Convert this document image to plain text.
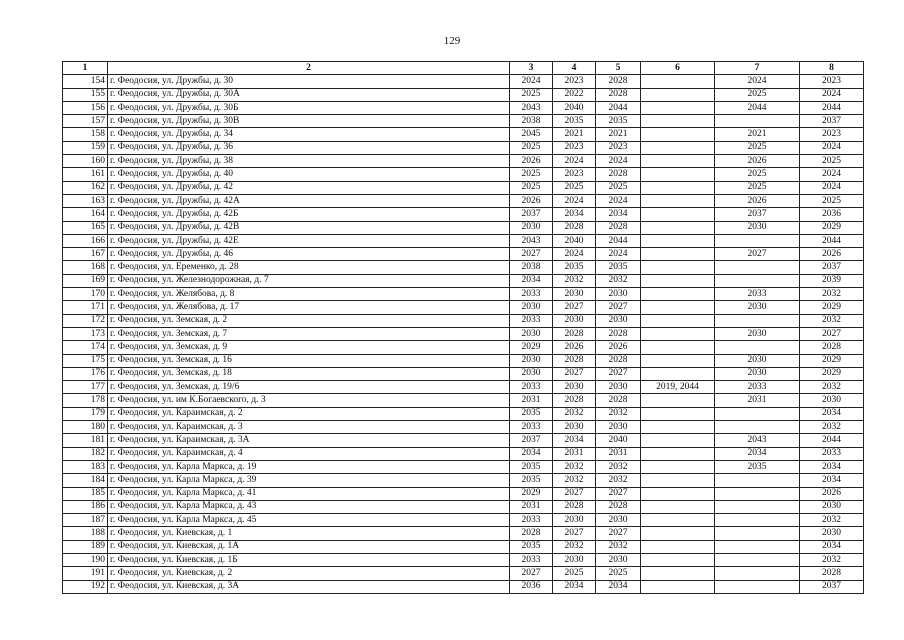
129
1	2	3	4	5	6	7	8
154	г. Феодосия, ул. Дружбы, д. 30	2024	2023	2028		2024	2023
155	г. Феодосия, ул. Дружбы, д. 30А	2025	2022	2028		2025	2024
156	г. Феодосия, ул. Дружбы, д. 30Б	2043	2040	2044		2044	2044
157	г. Феодосия, ул. Дружбы, д. 30В	2038	2035	2035			2037
158	г. Феодосия, ул. Дружбы, д. 34	2045	2021	2021		2021	2023
159	г. Феодосия, ул. Дружбы, д. 36	2025	2023	2023		2025	2024
160	г. Феодосия, ул. Дружбы, д. 38	2026	2024	2024		2026	2025
161	г. Феодосия, ул. Дружбы, д. 40	2025	2023	2028		2025	2024
162	г. Феодосия, ул. Дружбы, д. 42	2025	2025	2025		2025	2024
163	г. Феодосия, ул. Дружбы, д. 42А	2026	2024	2024		2026	2025
164	г. Феодосия, ул. Дружбы, д. 42Б	2037	2034	2034		2037	2036
165	г. Феодосия, ул. Дружбы, д. 42В	2030	2028	2028		2030	2029
166	г. Феодосия, ул. Дружбы, д. 42Е	2043	2040	2044			2044
167	г. Феодосия, ул. Дружбы, д. 46	2027	2024	2024		2027	2026
168	г. Феодосия, ул. Еременко, д. 28	2038	2035	2035			2037
169	г. Феодосия, ул. Железнодорожная, д. 7	2034	2032	2032			2039
170	г. Феодосия, ул. Желябова, д. 8	2033	2030	2030		2033	2032
171	г. Феодосия, ул. Желябова, д. 17	2030	2027	2027		2030	2029
172	г. Феодосия, ул. Земская, д. 2	2033	2030	2030			2032
173	г. Феодосия, ул. Земская, д. 7	2030	2028	2028		2030	2027
174	г. Феодосия, ул. Земская, д. 9	2029	2026	2026			2028
175	г. Феодосия, ул. Земская, д. 16	2030	2028	2028		2030	2029
176	г. Феодосия, ул. Земская, д. 18	2030	2027	2027		2030	2029
177	г. Феодосия, ул. Земская, д. 19/6	2033	2030	2030	2019, 2044	2033	2032
178	г. Феодосия, ул. им К.Богаевского, д. 3	2031	2028	2028		2031	2030
179	г. Феодосия, ул. Караимская, д. 2	2035	2032	2032			2034
180	г. Феодосия, ул. Караимская, д. 3	2033	2030	2030			2032
181	г. Феодосия, ул. Караимская, д. 3А	2037	2034	2040		2043	2044
182	г. Феодосия, ул. Караимская, д. 4	2034	2031	2031		2034	2033
183	г. Феодосия, ул. Карла Маркса, д. 19	2035	2032	2032		2035	2034
184	г. Феодосия, ул. Карла Маркса, д. 39	2035	2032	2032			2034
185	г. Феодосия, ул. Карла Маркса, д. 41	2029	2027	2027			2026
186	г. Феодосия, ул. Карла Маркса, д. 43	2031	2028	2028			2030
187	г. Феодосия, ул. Карла Маркса, д. 45	2033	2030	2030			2032
188	г. Феодосия, ул. Киевская, д. 1	2028	2027	2027			2030
189	г. Феодосия, ул. Киевская, д. 1А	2035	2032	2032			2034
190	г. Феодосия, ул. Киевская, д. 1Б	2033	2030	2030			2032
191	г. Феодосия, ул. Киевская, д. 2	2027	2025	2025			2028
192	г. Феодосия, ул. Киевская, д. 3А	2036	2034	2034			2037
